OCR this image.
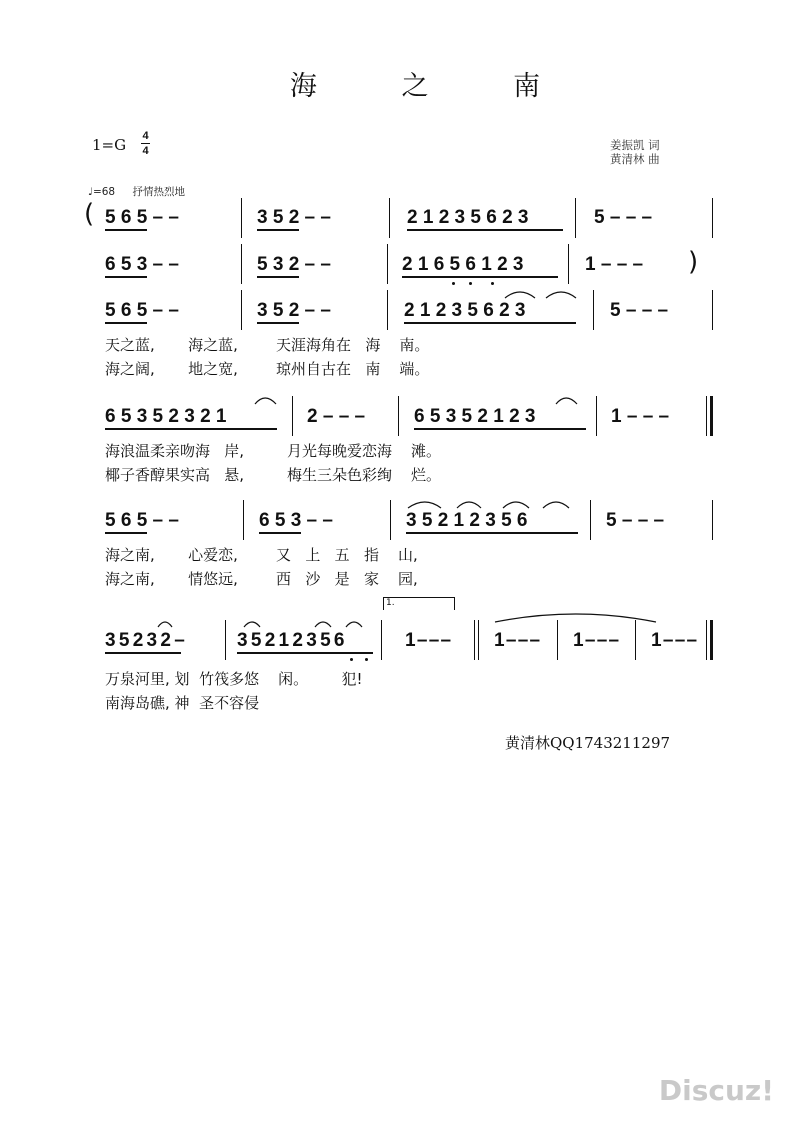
海 之 南
1=G 4
4	姜振凯 词
黄清林 曲
♩=68 抒情热烈地
( 5 6 5 – –	3 5 2 – –	2 1 2 3 5 6 2 3	5 – – –
6 5 3 – –	5 3 2 – –	2 1 6 5 6 1 2 3	1 – – – )
5 6 5 – –	3 5 2 – –	2 1 2 3 5 6 2 3	5 – – –
天之蓝,       海之蓝,        天涯海角在   海    南。
海之阔,       地之宽,        琼州自古在   南    端。
6 5 3 5 2 3 2 1	2 – – –	6 5 3 5 2 1 2 3	1 – – –
海浪温柔亲吻海   岸,         月光每晚爱恋海    滩。
椰子香醇果实高   悬,         梅生三朵色彩绚    烂。
5 6 5 – –	6 5 3 – –	3 5 2 1 2 3 5 6	5 – – –
海之南,       心爱恋,        又   上   五   指    山,
海之南,       情悠远,        西   沙   是   家    园,
3 5 2 3 2 –	3 5 2 1 2 3 5 6	1 – – – 1 – – – 1 – – – 1 – – –
1.
万泉河里, 划  竹筏多悠    闲。       犯!
南海岛礁, 神  圣不容侵
黄清林QQ1743211297
Discuz!
